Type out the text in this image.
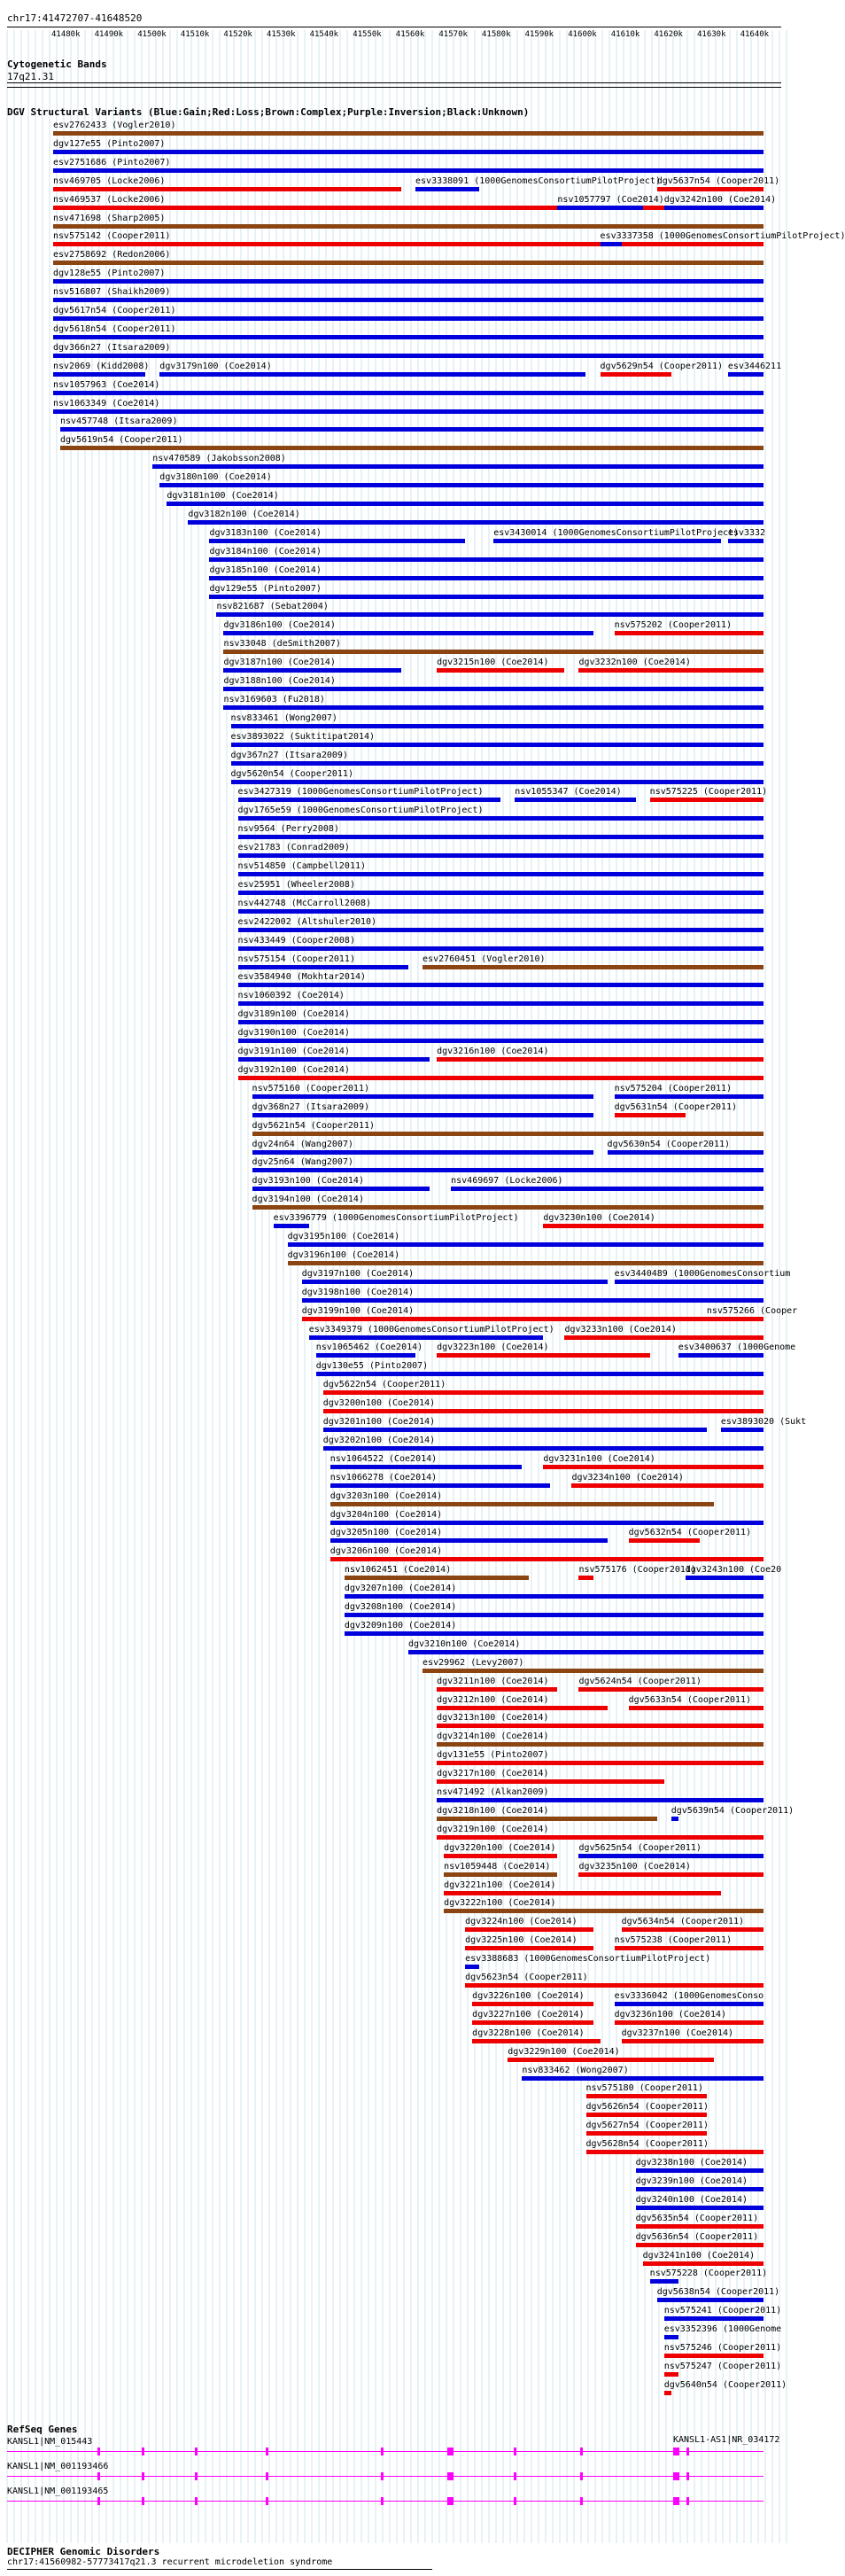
chr17:41472707-41648520
41480k 41490k 41500k 41510k 41520k 41530k 41540k 41550k 41560k 41570k 41580k 41590k 41600k 41610k 41620k 41630k 41640k
Cytogenetic Bands
17q21.31
DGV Structural Variants (Blue:Gain;Red:Loss;Brown:Complex;Purple:Inversion;Black:Unknown)
esv2762433 (Vogler2010)
dgv127e55 (Pinto2007)
esv2751686 (Pinto2007)
nsv469705 (Locke2006)	esv3338091 (1000GenomesConsortiumPilotProject)
dgv5637n54 (Cooper2011)
nsv469537 (Locke2006)	nsv1057797 (Coe2014) dgv3242n100 (Coe2014)
nsv471698 (Sharp2005)
nsv575142 (Cooper2011)	esv3337358 (1000GenomesConsortiumPilotProject)
esv2758692 (Redon2006)
dgv128e55 (Pinto2007)
nsv516807 (Shaikh2009)
dgv5617n54 (Cooper2011)
dgv5618n54 (Cooper2011)
dgv366n27 (Itsara2009)
nsv2069 (Kidd2008) dgv3179n100 (Coe2014)	dgv5629n54 (Cooper2011) esv3446211
nsv1057963 (Coe2014)
nsv1063349 (Coe2014)
nsv457748 (Itsara2009)
dgv5619n54 (Cooper2011)
nsv470589 (Jakobsson2008)
dgv3180n100 (Coe2014)
dgv3181n100 (Coe2014)
dgv3182n100 (Coe2014)
dgv3183n100 (Coe2014)	esv3430014 (1000GenomesConsortiumPilotProject)
esv3332
dgv3184n100 (Coe2014)
dgv3185n100 (Coe2014)
dgv129e55 (Pinto2007)
nsv821687 (Sebat2004)
dgv3186n100 (Coe2014)	nsv575202 (Cooper2011)
nsv33048 (deSmith2007)
dgv3187n100 (Coe2014)	dgv3215n100 (Coe2014)	dgv3232n100 (Coe2014)
dgv3188n100 (Coe2014)
nsv3169603 (Fu2018)
nsv833461 (Wong2007)
esv3893022 (Suktitipat2014)
dgv367n27 (Itsara2009)
dgv5620n54 (Cooper2011)
esv3427319 (1000GenomesConsortiumPilotProject)	nsv1055347 (Coe2014)	nsv575225 (Cooper2011)
dgv1765e59 (1000GenomesConsortiumPilotProject)
nsv9564 (Perry2008)
esv21783 (Conrad2009)
nsv514850 (Campbell2011)
esv25951 (Wheeler2008)
nsv442748 (McCarroll2008)
esv2422002 (Altshuler2010)
nsv433449 (Cooper2008)
nsv575154 (Cooper2011)	esv2760451 (Vogler2010)
esv3584940 (Mokhtar2014)
nsv1060392 (Coe2014)
dgv3189n100 (Coe2014)
dgv3190n100 (Coe2014)
dgv3191n100 (Coe2014)	dgv3216n100 (Coe2014)
dgv3192n100 (Coe2014)
nsv575160 (Cooper2011)	nsv575204 (Cooper2011)
dgv368n27 (Itsara2009)	dgv5631n54 (Cooper2011)
dgv5621n54 (Cooper2011)
dgv24n64 (Wang2007)	dgv5630n54 (Cooper2011)
dgv25n64 (Wang2007)
dgv3193n100 (Coe2014)	nsv469697 (Locke2006)
dgv3194n100 (Coe2014)
esv3396779 (1000GenomesConsortiumPilotProject)	dgv3230n100 (Coe2014)
dgv3195n100 (Coe2014)
dgv3196n100 (Coe2014)
dgv3197n100 (Coe2014)	esv3440489 (1000GenomesConsortium
dgv3198n100 (Coe2014)
dgv3199n100 (Coe2014)	nsv575266 (Cooper
esv3349379 (1000GenomesConsortiumPilotProject) dgv3233n100 (Coe2014)
nsv1065462 (Coe2014) dgv3223n100 (Coe2014)	esv3400637 (1000Genome
dgv130e55 (Pinto2007)
dgv5622n54 (Cooper2011)
dgv3200n100 (Coe2014)
dgv3201n100 (Coe2014)	esv3893020 (Sukt
dgv3202n100 (Coe2014)
nsv1064522 (Coe2014)	dgv3231n100 (Coe2014)
nsv1066278 (Coe2014)	dgv3234n100 (Coe2014)
dgv3203n100 (Coe2014)
dgv3204n100 (Coe2014)
dgv3205n100 (Coe2014)	dgv5632n54 (Cooper2011)
dgv3206n100 (Coe2014)
nsv1062451 (Coe2014)	nsv575176 (Cooper2011)
dgv3243n100 (Coe20
dgv3207n100 (Coe2014)
dgv3208n100 (Coe2014)
dgv3209n100 (Coe2014)
dgv3210n100 (Coe2014)
esv29962 (Levy2007)
dgv3211n100 (Coe2014)	dgv5624n54 (Cooper2011)
dgv3212n100 (Coe2014)	dgv5633n54 (Cooper2011)
dgv3213n100 (Coe2014)
dgv3214n100 (Coe2014)
dgv131e55 (Pinto2007)
dgv3217n100 (Coe2014)
nsv471492 (Alkan2009)
dgv3218n100 (Coe2014)	dgv5639n54 (Cooper2011)
dgv3219n100 (Coe2014)
dgv3220n100 (Coe2014)	dgv5625n54 (Cooper2011)
nsv1059448 (Coe2014)	dgv3235n100 (Coe2014)
dgv3221n100 (Coe2014)
dgv3222n100 (Coe2014)
dgv5634n54 (Cooper2011)
dgv3224n100 (Coe2014)
dgv3225n100 (Coe2014)	nsv575238 (Cooper2011)
esv3388683 (1000GenomesConsortiumPilotProject)
dgv5623n54 (Cooper2011)
dgv3226n100 (Coe2014)	esv3336042 (1000GenomesConso
dgv3227n100 (Coe2014)	dgv3236n100 (Coe2014)
dgv3228n100 (Coe2014)	dgv3237n100 (Coe2014)
dgv3229n100 (Coe2014)
nsv833462 (Wong2007)
nsv575180 (Cooper2011)
dgv5626n54 (Cooper2011)
dgv5627n54 (Cooper2011)
dgv5628n54 (Cooper2011)
dgv3238n100 (Coe2014)
dgv3239n100 (Coe2014)
dgv3240n100 (Coe2014)
dgv5635n54 (Cooper2011)
dgv5636n54 (Cooper2011)
dgv3241n100 (Coe2014)
nsv575228 (Cooper2011)
dgv5638n54 (Cooper2011)
nsv575241 (Cooper2011)
esv3352396 (1000Genome
nsv575246 (Cooper2011)
nsv575247 (Cooper2011)
dgv5640n54 (Cooper2011)
RefSeq Genes
KANSL1|NM_015443
KANSL1|NM_001193466
KANSL1|NM_001193465
KANSL1-AS1|NR_034172
DECIPHER Genomic Disorders
chr17:41560982-57773417q21.3 recurrent microdeletion syndrome
